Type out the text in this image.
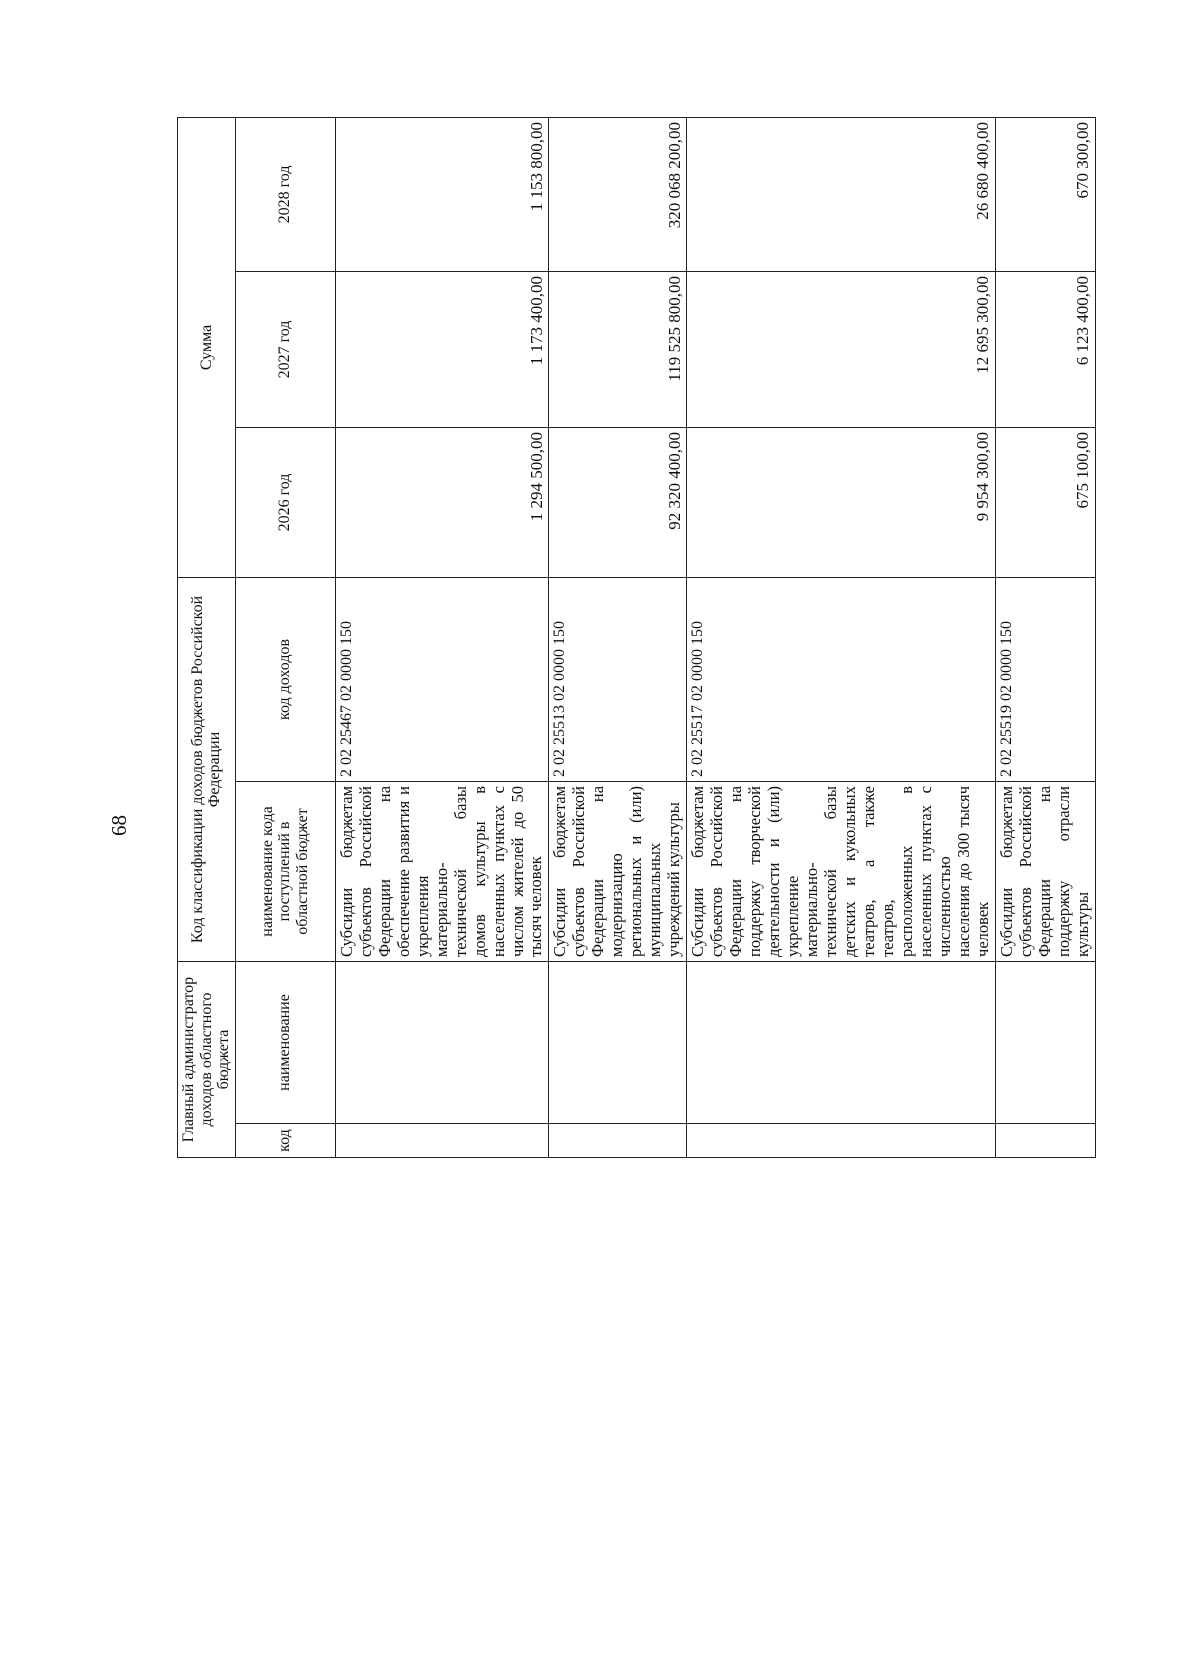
68
Главный администратор доходов областного бюджета		Код классификации доходов бюджетов Российской Федерации		Сумма		
код	наименование	наименование кода поступлений в областной бюджет	код доходов	2026 год	2027 год	2028 год
		Субсидии бюджетам субъектов Российской Федерации на обеспечение развития и укрепления материально-технической базы домов культуры в населенных пунктах с числом жителей до 50 тысяч человек	2 02 25467 02 0000 150	1 294 500,00	1 173 400,00	1 153 800,00
		Субсидии бюджетам субъектов Российской Федерации на модернизацию региональных и (или) муниципальных учреждений культуры	2 02 25513 02 0000 150	92 320 400,00	119 525 800,00	320 068 200,00
		Субсидии бюджетам субъектов Российской Федерации на поддержку творческой деятельности и (или) укрепление материально-технической базы детских и кукольных театров, а также театров, расположенных в населенных пунктах с численностью населения до 300 тысяч человек	2 02 25517 02 0000 150	9 954 300,00	12 695 300,00	26 680 400,00
		Субсидии бюджетам субъектов Российской Федерации на поддержку отрасли культуры	2 02 25519 02 0000 150	675 100,00	6 123 400,00	670 300,00
